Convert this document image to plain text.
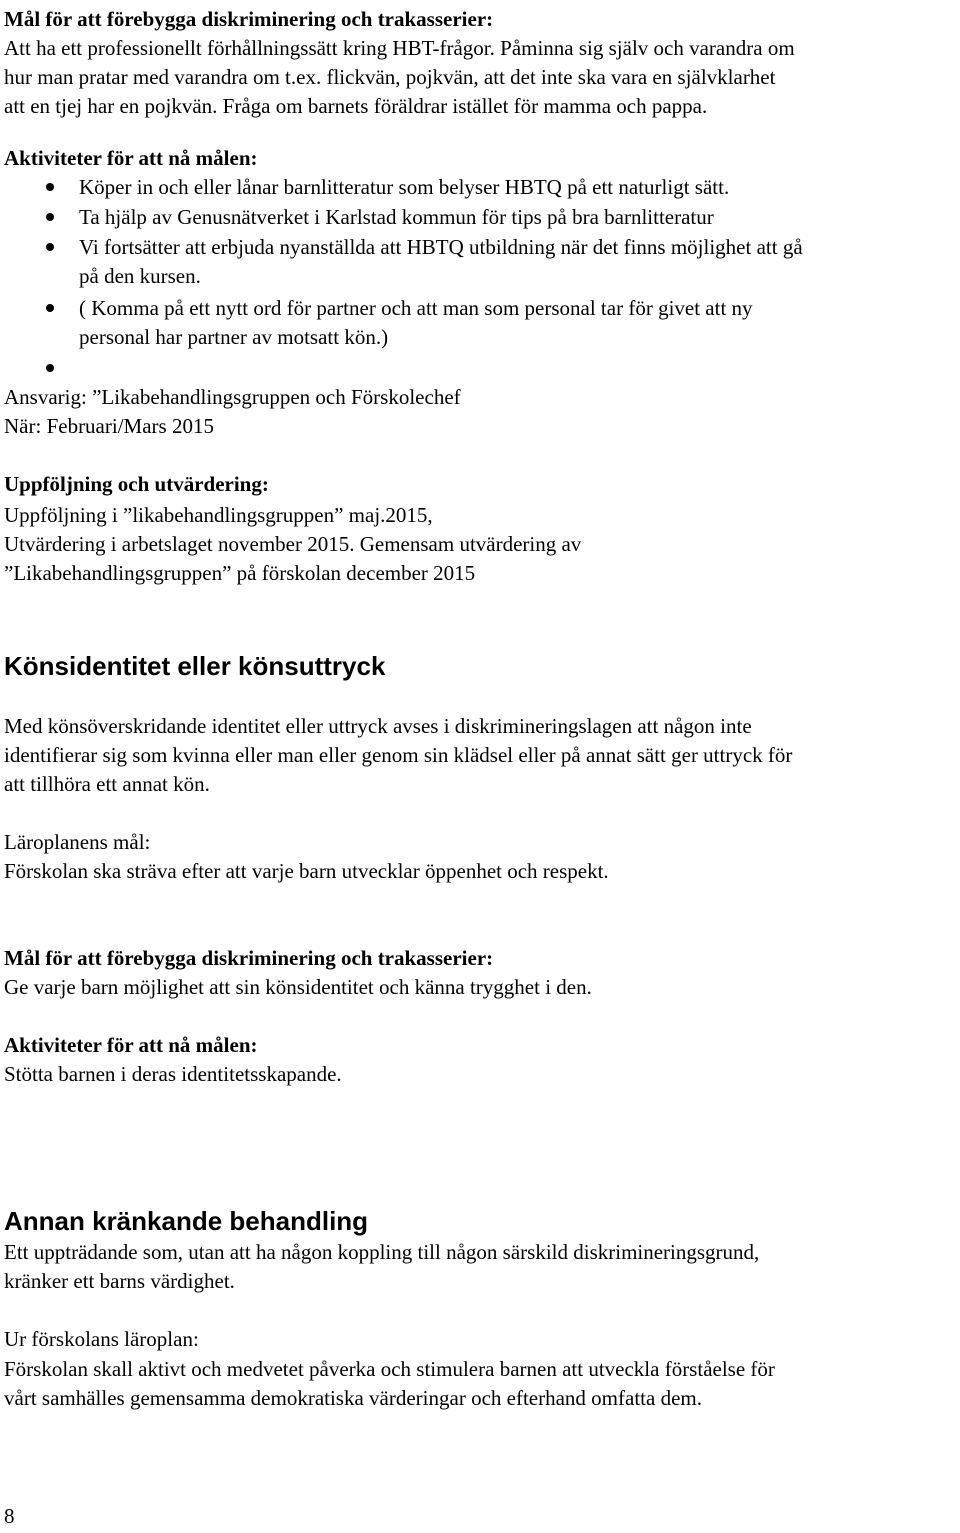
Mål för att förebygga diskriminering och trakasserier:
Att ha ett professionellt förhållningssätt kring HBT-frågor. Påminna sig själv och varandra om
hur man pratar med varandra om t.ex. flickvän, pojkvän, att det inte ska vara en självklarhet
att en tjej har en pojkvän. Fråga om barnets föräldrar istället för mamma och pappa.
Aktiviteter för att nå målen:
Köper in och eller lånar barnlitteratur som belyser HBTQ på ett naturligt sätt.
Ta hjälp av Genusnätverket i Karlstad kommun för tips på bra barnlitteratur
Vi fortsätter att erbjuda nyanställda att HBTQ utbildning när det finns möjlighet att gå
på den kursen.
( Komma på ett nytt ord för partner och att man som personal tar för givet att ny
personal har partner av motsatt kön.)
Ansvarig: ”Likabehandlingsgruppen och Förskolechef
När: Februari/Mars 2015
Uppföljning och utvärdering:
Uppföljning i ”likabehandlingsgruppen” maj.2015,
Utvärdering i arbetslaget november 2015. Gemensam utvärdering av
”Likabehandlingsgruppen” på förskolan december 2015
Könsidentitet eller könsuttryck
Med könsöverskridande identitet eller uttryck avses i diskrimineringslagen att någon inte
identifierar sig som kvinna eller man eller genom sin klädsel eller på annat sätt ger uttryck för
att tillhöra ett annat kön.
Läroplanens mål:
Förskolan ska sträva efter att varje barn utvecklar öppenhet och respekt.
Mål för att förebygga diskriminering och trakasserier:
Ge varje barn möjlighet att sin könsidentitet och känna trygghet i den.
Aktiviteter för att nå målen:
Stötta barnen i deras identitetsskapande.
Annan kränkande behandling
Ett uppträdande som, utan att ha någon koppling till någon särskild diskrimineringsgrund,
kränker ett barns värdighet.
Ur förskolans läroplan:
Förskolan skall aktivt och medvetet påverka och stimulera barnen att utveckla förståelse för
vårt samhälles gemensamma demokratiska värderingar och efterhand omfatta dem.
8
